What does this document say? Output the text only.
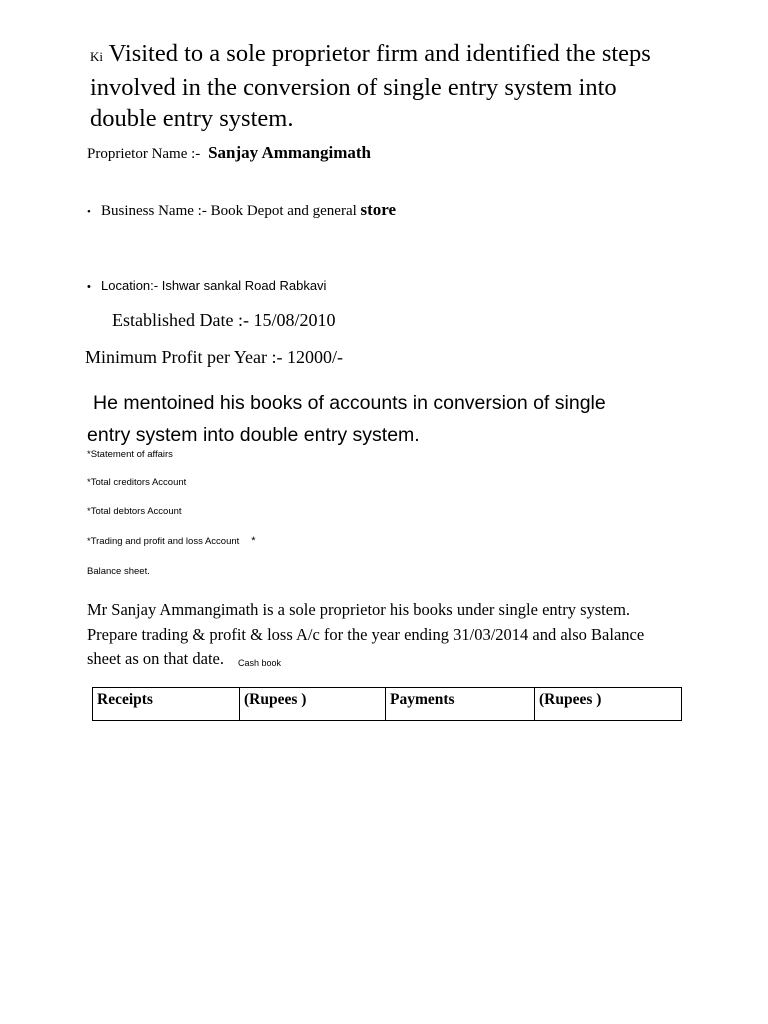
Ki Visited to a sole proprietor firm and identified the steps
involved in the conversion of single entry system into
double entry system.
Proprietor Name :- Sanjay Ammangimath
• Business Name :- Book Depot and general store
• Location:- Ishwar sankal Road Rabkavi
Established Date :- 15/08/2010
Minimum Profit per Year :- 12000/-
He mentoined his books of accounts in conversion of single
entry system into double entry system.
*Statement of affairs
*Total creditors Account
*Total debtors Account
*Trading and profit and loss Account *
Balance sheet.
Mr Sanjay Ammangimath is a sole proprietor his books under single entry system.
Prepare trading & profit & loss A/c for the year ending 31/03/2014 and also Balance
sheet as on that date. Cash book
Receipts	(Rupees )	Payments	(Rupees )
